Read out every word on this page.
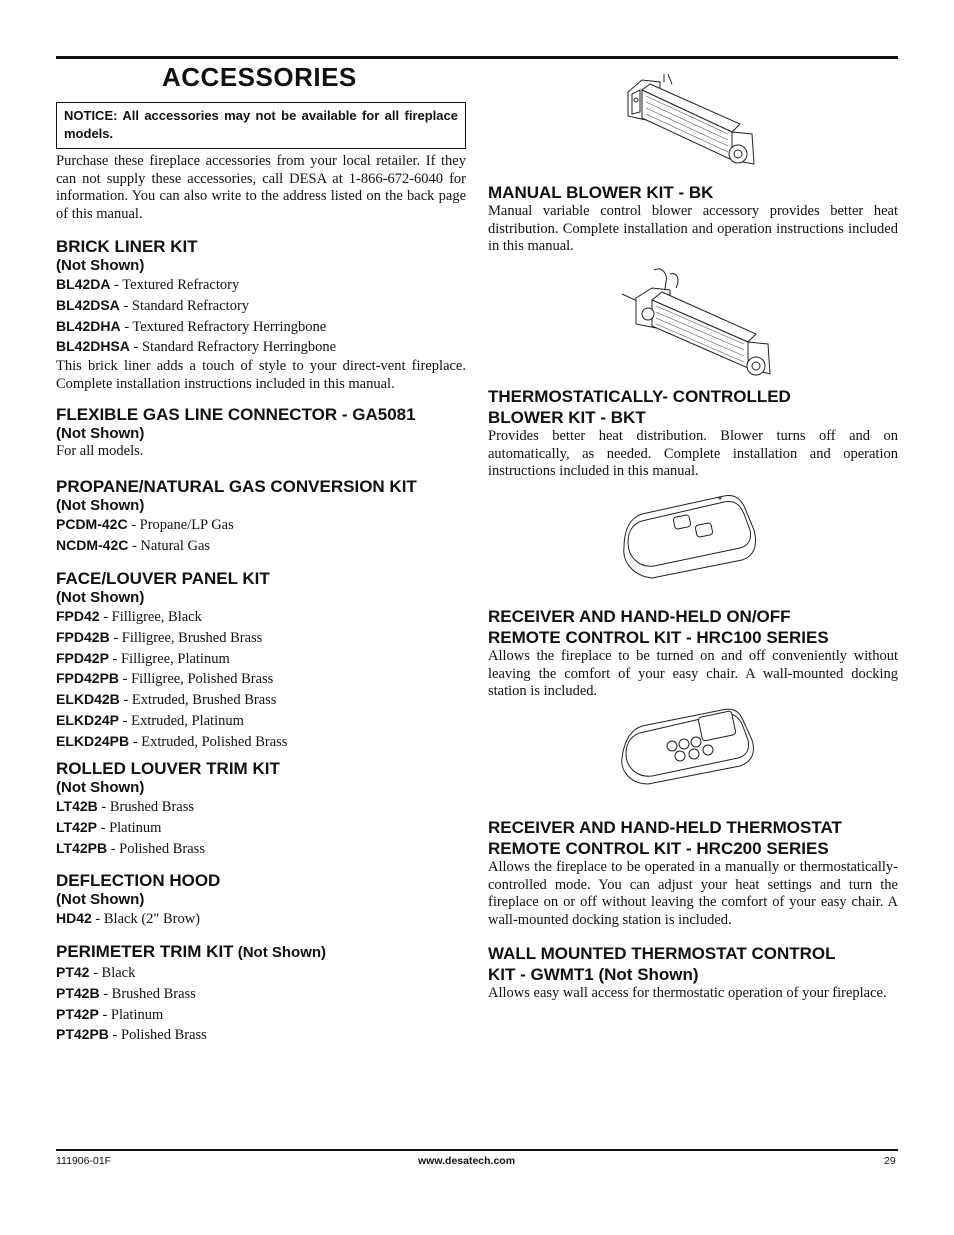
ACCESSORIES
NOTICE: All accessories may not be available for all fireplace models.

Purchase these fireplace accessories from your local retailer. If they can not supply these accessories, call DESA at 1-866-672-6040 for information. You can also write to the address listed on the back page of this manual.

BRICK LINER KIT

(Not Shown)

BL42DA - Textured Refractory

BL42DSA - Standard Refractory

BL42DHA - Textured Refractory Herringbone

BL42DHSA - Standard Refractory Herringbone

This brick liner adds a touch of style to your direct-vent fireplace. Complete installation instructions included in this manual.

FLEXIBLE GAS LINE CONNECTOR - GA5081

(Not Shown)

For all models.

PROPANE/NATURAL GAS CONVERSION KIT

(Not Shown)

PCDM-42C - Propane/LP Gas

NCDM-42C - Natural Gas

FACE/LOUVER PANEL KIT

(Not Shown)

FPD42 - Filligree, Black

FPD42B - Filligree, Brushed Brass

FPD42P - Filligree, Platinum

FPD42PB - Filligree, Polished Brass

ELKD42B - Extruded, Brushed Brass

ELKD24P - Extruded, Platinum

ELKD24PB - Extruded, Polished Brass

ROLLED LOUVER TRIM KIT

(Not Shown)

LT42B - Brushed Brass

LT42P - Platinum

LT42PB - Polished Brass

DEFLECTION HOOD

(Not Shown)

HD42 - Black (2" Brow)

PERIMETER TRIM KIT (Not Shown)

PT42 - Black

PT42B - Brushed Brass

PT42P - Platinum

PT42PB - Polished Brass

MANUAL BLOWER KIT - BK

Manual variable control blower accessory provides better heat distribution. Complete installation and operation instructions included in this manual.

THERMOSTATICALLY- CONTROLLED

BLOWER KIT - BKT

Provides better heat distribution. Blower turns off and on automatically, as needed. Complete installation and operation instructions included in this manual.

RECEIVER AND HAND-HELD ON/OFF

REMOTE CONTROL KIT - HRC100 SERIES

Allows the fireplace to be turned on and off conveniently without leaving the comfort of your easy chair. A wall-mounted docking station is included.

RECEIVER AND HAND-HELD THERMOSTAT

REMOTE CONTROL KIT - HRC200 SERIES

Allows the fireplace to be operated in a manually or thermostatically-controlled mode. You can adjust your heat settings and turn the fireplace on or off without leaving the comfort of your easy chair. A wall-mounted docking station is included.

WALL MOUNTED THERMOSTAT CONTROL

KIT - GWMT1 (Not Shown)

Allows easy wall access for thermostatic operation of your fireplace.

111906-01F	www.desatech.com	29
